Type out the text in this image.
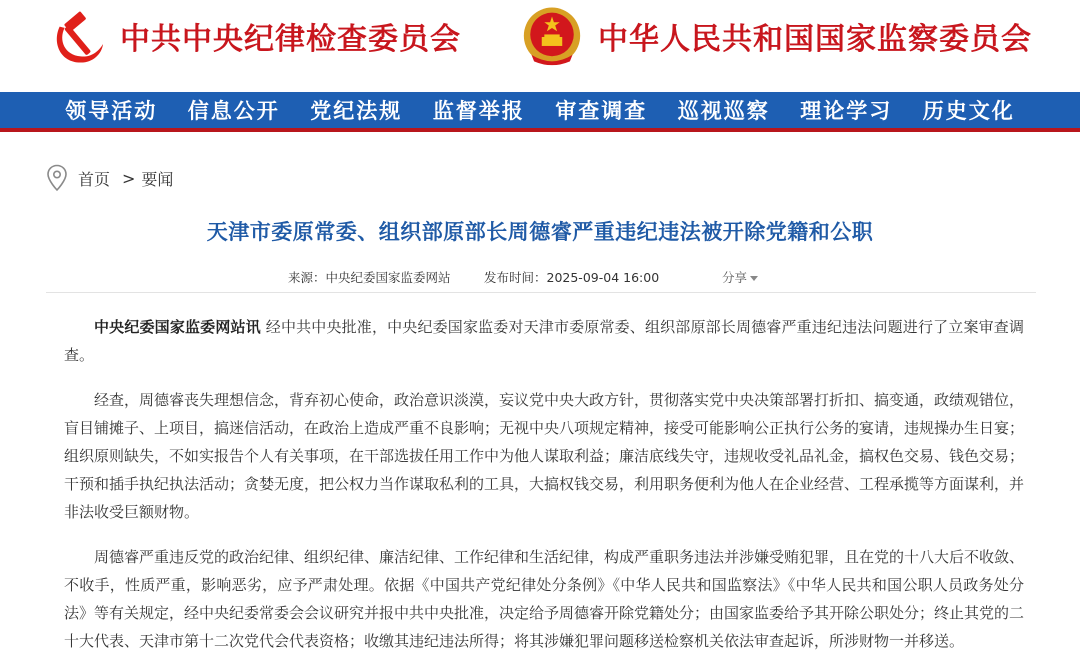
中共中央纪律检查委员会	中华人民共和国国家监察委员会
领导活动 信息公开 党纪法规 监督举报 审查调查 巡视巡察 理论学习 历史文化
首页 > 要闻
天津市委原常委、组织部原部长周德睿严重违纪违法被开除党籍和公职
来源：中央纪委国家监委网站	发布时间：2025-09-04 16:00	分享

中央纪委国家监委网站讯 经中共中央批准，中央纪委国家监委对天津市委原常委、组织部原部长周德睿严重违纪违法问题进行了立案审查调查。

经查，周德睿丧失理想信念，背弃初心使命，政治意识淡漠，妄议党中央大政方针，贯彻落实党中央决策部署打折扣、搞变通，政绩观错位，盲目铺摊子、上项目，搞迷信活动，在政治上造成严重不良影响；无视中央八项规定精神，接受可能影响公正执行公务的宴请，违规操办生日宴；组织原则缺失，不如实报告个人有关事项，在干部选拔任用工作中为他人谋取利益；廉洁底线失守，违规收受礼品礼金，搞权色交易、钱色交易；干预和插手执纪执法活动；贪婪无度，把公权力当作谋取私利的工具，大搞权钱交易，利用职务便利为他人在企业经营、工程承揽等方面谋利，并非法收受巨额财物。

周德睿严重违反党的政治纪律、组织纪律、廉洁纪律、工作纪律和生活纪律，构成严重职务违法并涉嫌受贿犯罪，且在党的十八大后不收敛、不收手，性质严重，影响恶劣，应予严肃处理。依据《中国共产党纪律处分条例》《中华人民共和国监察法》《中华人民共和国公职人员政务处分法》等有关规定，经中央纪委常委会会议研究并报中共中央批准，决定给予周德睿开除党籍处分；由国家监委给予其开除公职处分；终止其党的二十大代表、天津市第十二次党代会代表资格；收缴其违纪违法所得；将其涉嫌犯罪问题移送检察机关依法审查起诉，所涉财物一并移送。
